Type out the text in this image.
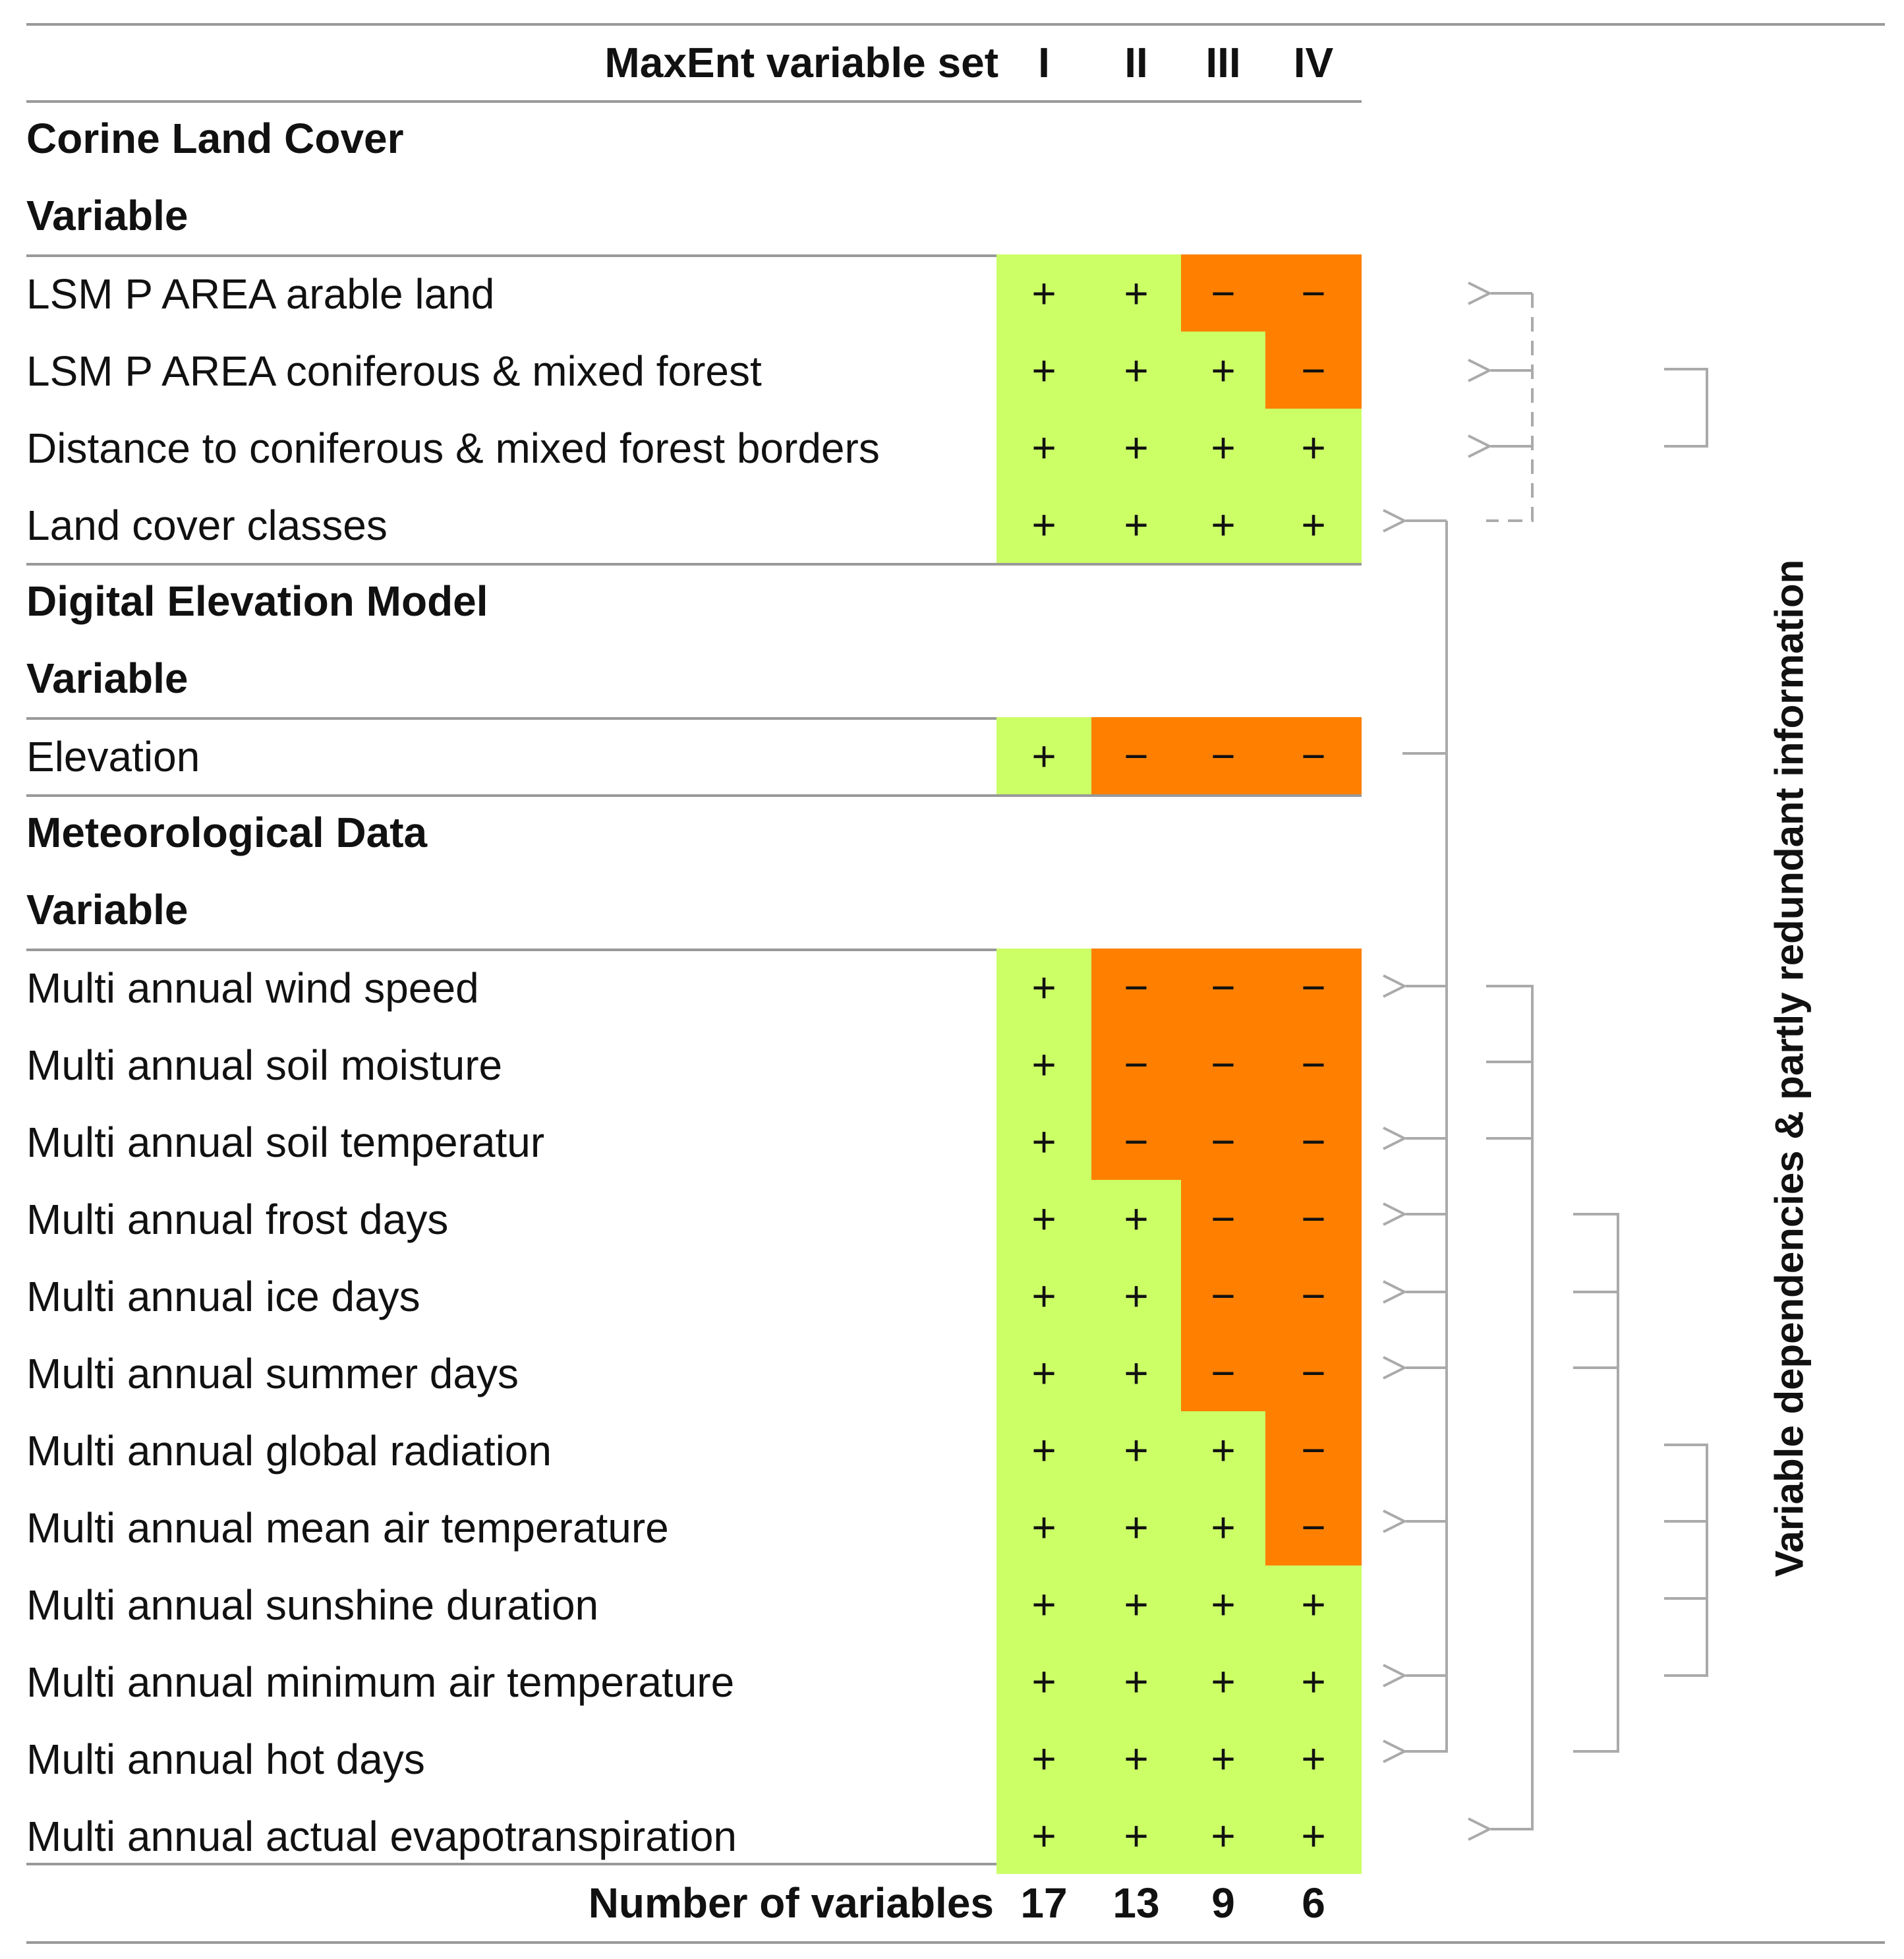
MaxEnt variable set I	II	III	IV
Corine Land Cover
Variable
LSM P AREA arable land	+	+	−	−
LSM P AREA coniferous & mixed forest	+	+	+	−
Distance to coniferous & mixed forest borders	+	+	+	+
Land cover classes	+	+	+	+
Digital Elevation Model
Variable
Elevation	+	−	−	−
Meteorological Data
Variable
Multi annual wind speed	+	−	−	−
Multi annual soil moisture	+	−	−	−
Multi annual soil temperatur	+	−	−	−
Multi annual frost days	+	+	−	−
Multi annual ice days	+	+	−	−
Multi annual summer days	+	+	−	−
Multi annual global radiation	+	+	+	−
Multi annual mean air temperature	+	+	+	−
Multi annual sunshine duration	+	+	+	+
Multi annual minimum air temperature	+	+	+	+
Multi annual hot days	+	+	+	+
Multi annual actual evapotranspiration	+	+	+	+
Number of variables 17	13	9	6
Variable dependencies & partly redundant information
